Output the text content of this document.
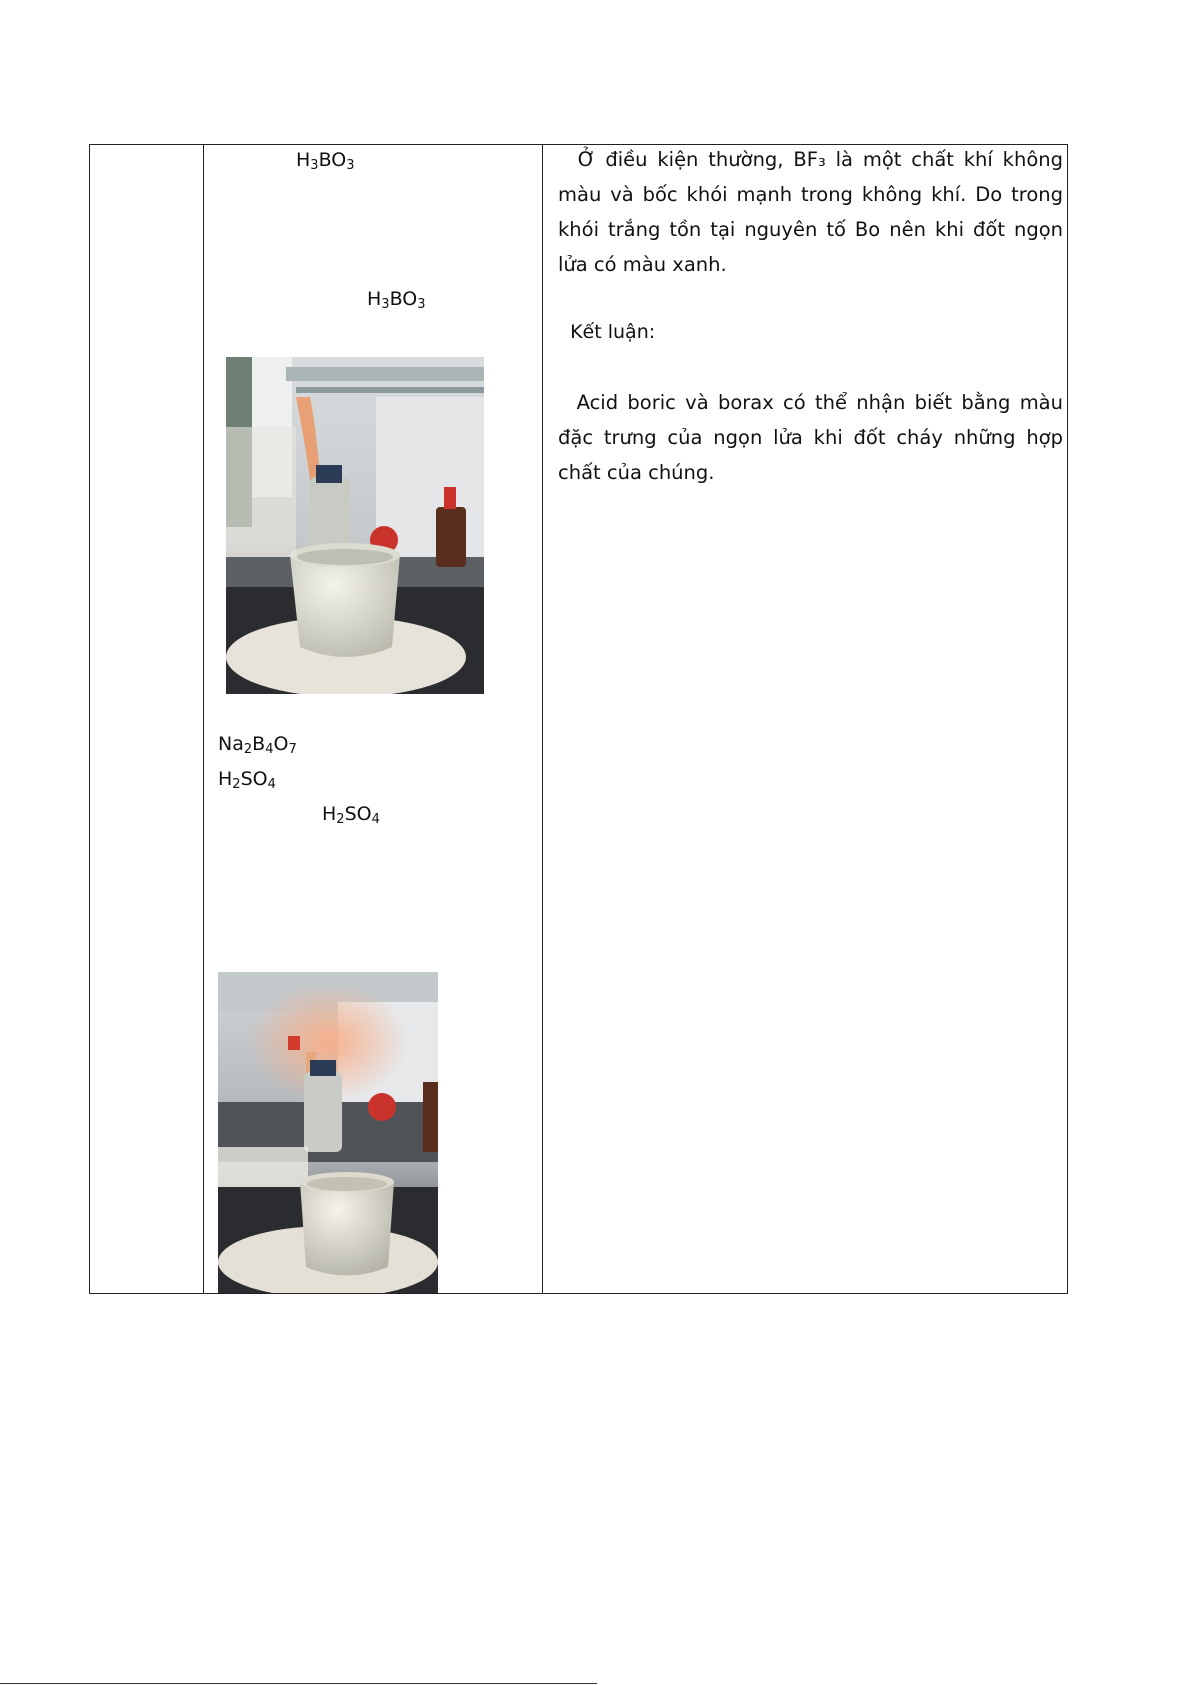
$H_3BO_3$
$H_3BO_3$
$Na_2B_4O_7$
$H_2SO_4$
$H_2SO_4$
Ở điều kiện thường, BF₃ là một chất khí không màu và bốc khói mạnh trong không khí. Do trong khói trắng tồn tại nguyên tố Bo nên khi đốt ngọn lửa có màu xanh.
Kết luận:
Acid boric và borax có thể nhận biết bằng màu đặc trưng của ngọn lửa khi đốt cháy những hợp chất của chúng.
